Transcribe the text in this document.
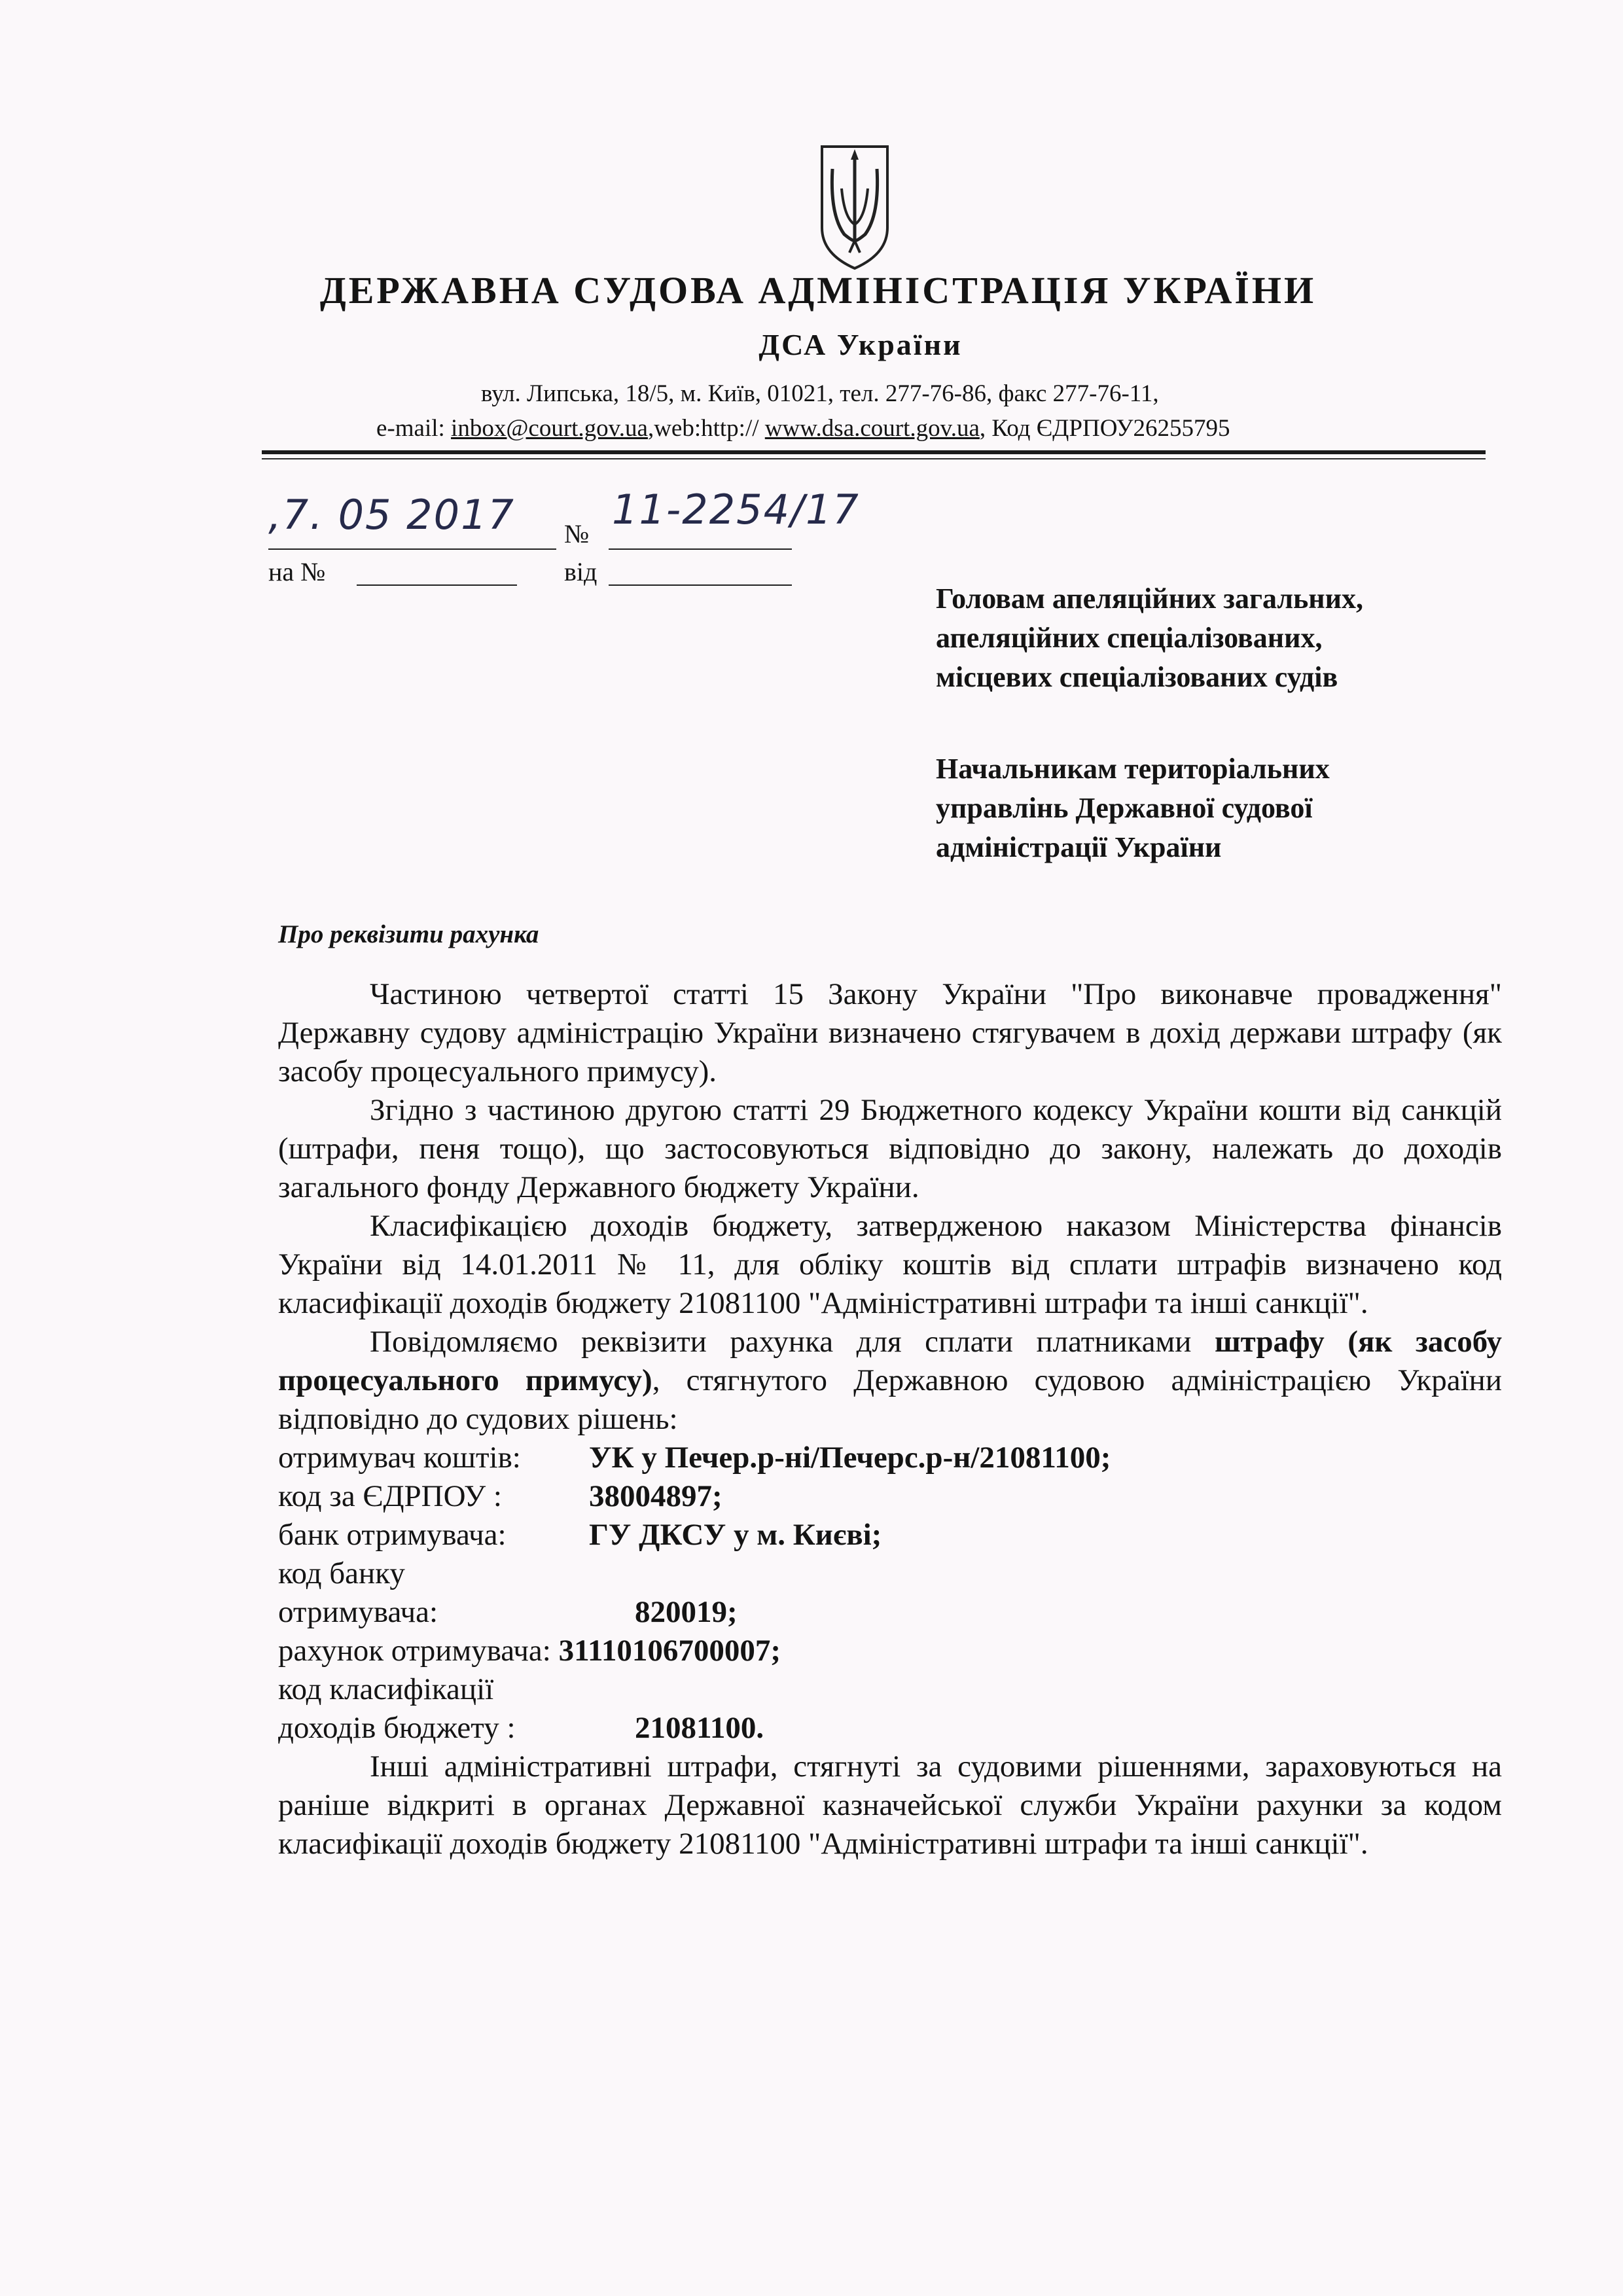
ДЕРЖАВНА СУДОВА АДМІНІСТРАЦІЯ УКРАЇНИ
ДСА України
вул. Липська, 18/5, м. Київ, 01021, тел. 277-76-86, факс 277-76-11,
e-mail: inbox@court.gov.ua,web:http:// www.dsa.court.gov.ua, Код ЄДРПОУ26255795
,7. 05 2017 №
11-2254/17
на №	від
Головам апеляційних загальних,
апеляційних спеціалізованих,
місцевих спеціалізованих судів
Начальникам територіальних
управлінь Державної судової
адміністрації України
Про реквізити рахунка

Частиною четвертої статті 15 Закону України "Про виконавче провадження" Державну судову адміністрацію України визначено стягувачем в дохід держави штрафу (як засобу процесуального примусу).

Згідно з частиною другою статті 29 Бюджетного кодексу України кошти від санкцій (штрафи, пеня тощо), що застосовуються відповідно до закону, належать до доходів загального фонду Державного бюджету України.

Класифікацією доходів бюджету, затвердженою наказом Міністерства фінансів України від 14.01.2011 № 11, для обліку коштів від сплати штрафів визначено код класифікації доходів бюджету 21081100 "Адміністративні штрафи та інші санкції".

Повідомляємо реквізити рахунка для сплати платниками штрафу (як засобу процесуального примусу), стягнутого Державною судовою адміністрацією України відповідно до судових рішень:

отримувач коштів:	УК у Печер.р-ні/Печерс.р-н/21081100;
код за ЄДРПОУ :	38004897;
банк отримувача:	ГУ ДКСУ у м. Києві;
код банку
отримувача:	820019;
рахунок отримувача:
31110106700007;
код класифікації
доходів бюджету :	21081100.

Інші адміністративні штрафи, стягнуті за судовими рішеннями, зараховуються на раніше відкриті в органах Державної казначейської служби України рахунки за кодом класифікації доходів бюджету 21081100 "Адміністративні штрафи та інші санкції".
